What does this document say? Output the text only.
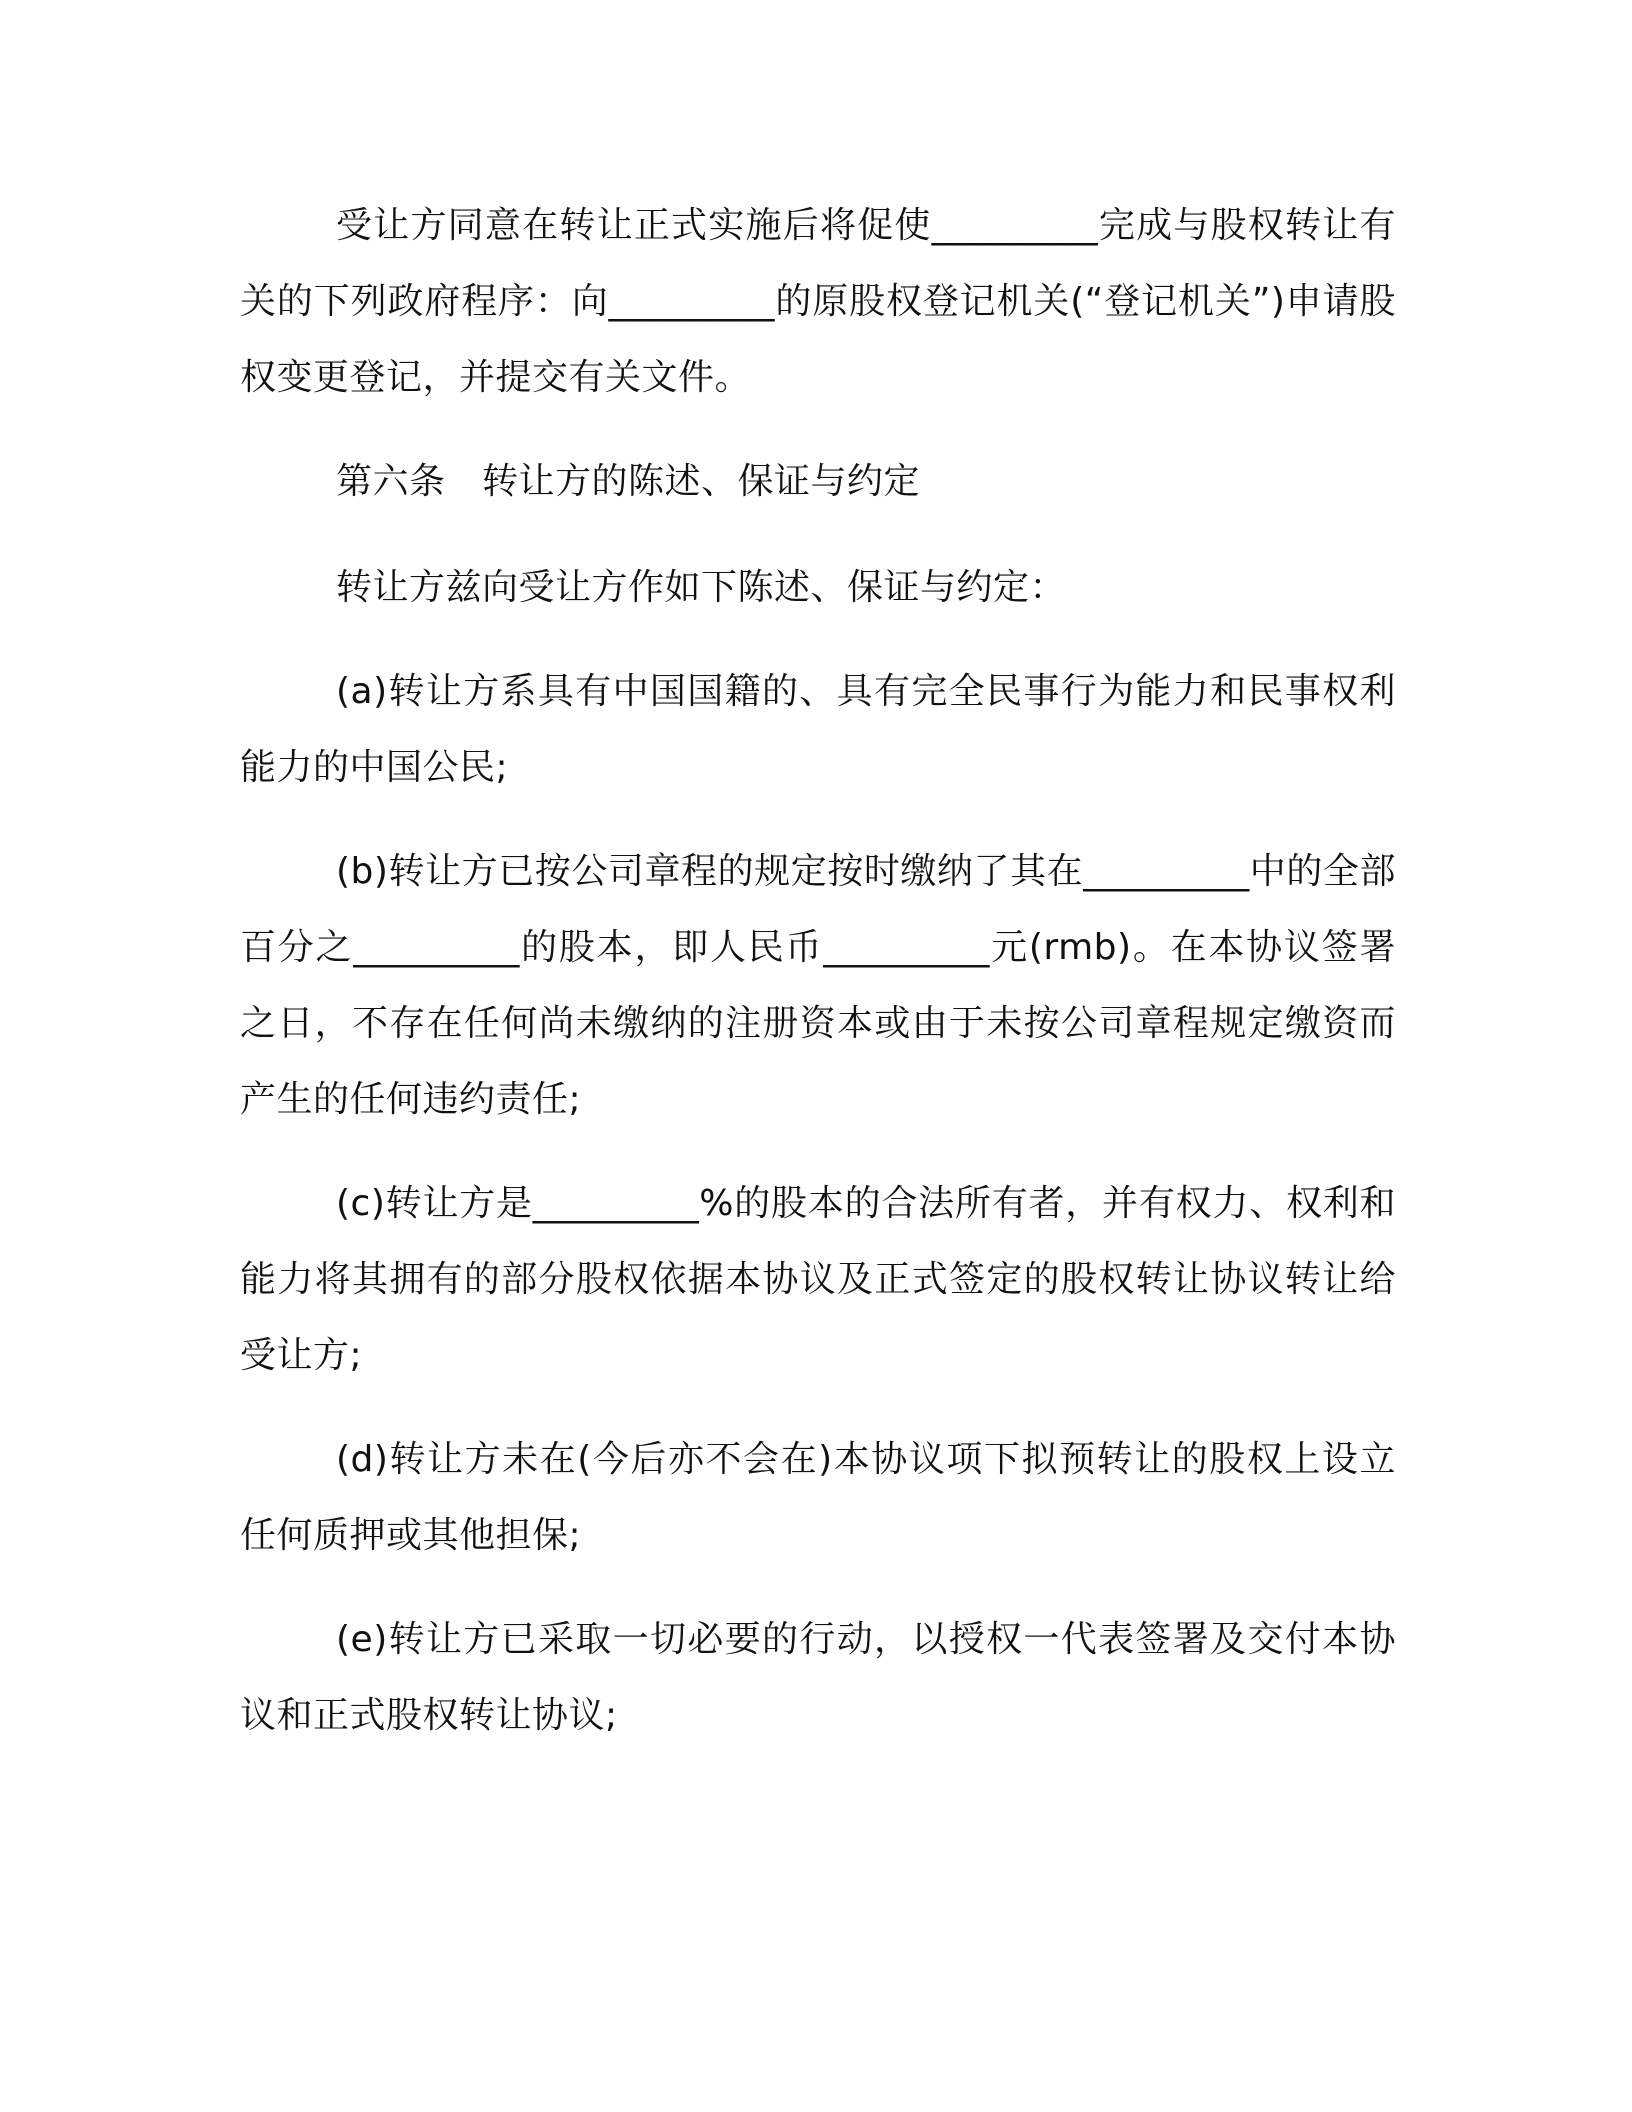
受让方同意在转让正式实施后将促使_________完成与股权转让有关的下列政府程序：向_________的原股权登记机关(“登记机关”)申请股权变更登记，并提交有关文件。

第六条　转让方的陈述、保证与约定

转让方兹向受让方作如下陈述、保证与约定：

(a)转让方系具有中国国籍的、具有完全民事行为能力和民事权利能力的中国公民;

(b)转让方已按公司章程的规定按时缴纳了其在_________中的全部百分之_________的股本，即人民币_________元(rmb)。在本协议签署之日，不存在任何尚未缴纳的注册资本或由于未按公司章程规定缴资而产生的任何违约责任;

(c)转让方是_________%的股本的合法所有者，并有权力、权利和能力将其拥有的部分股权依据本协议及正式签定的股权转让协议转让给受让方;

(d)转让方未在(今后亦不会在)本协议项下拟预转让的股权上设立任何质押或其他担保;

(e)转让方已采取一切必要的行动，以授权一代表签署及交付本协议和正式股权转让协议;
